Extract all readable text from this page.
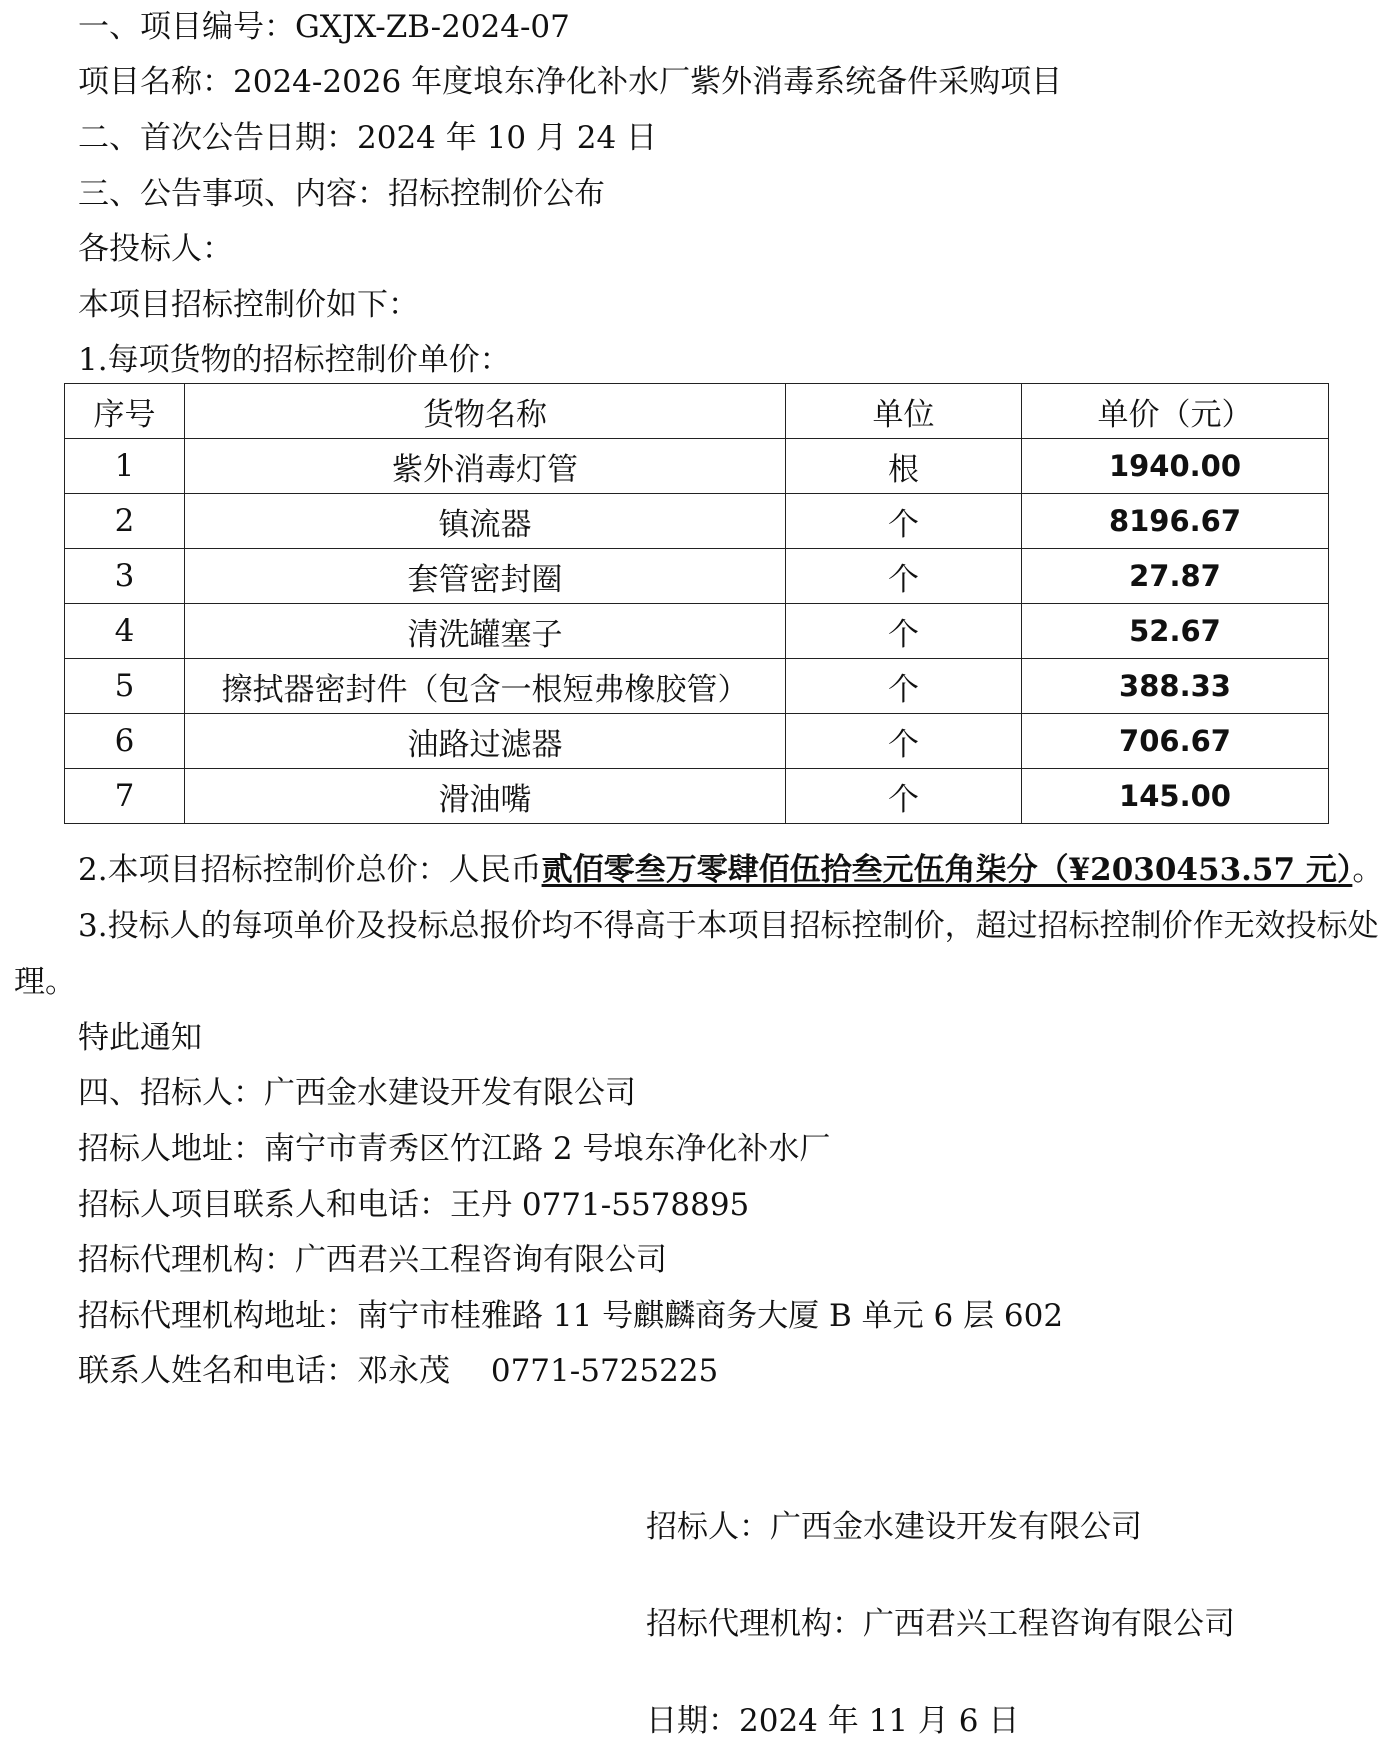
一、项目编号：GXJX-ZB-2024-07
项目名称：2024-2026 年度埌东净化补水厂紫外消毒系统备件采购项目
二、首次公告日期：2024 年 10 月 24 日
三、公告事项、内容：招标控制价公布
各投标人：
本项目招标控制价如下：
1.每项货物的招标控制价单价：
序号	货物名称	单位	单价（元）
1	紫外消毒灯管	根	1940.00
2	镇流器	个	8196.67
3	套管密封圈	个	27.87
4	清洗罐塞子	个	52.67
5	擦拭器密封件（包含一根短弗橡胶管）	个	388.33
6	油路过滤器	个	706.67
7	滑油嘴	个	145.00
2.本项目招标控制价总价：人民币贰佰零叁万零肆佰伍拾叁元伍角柒分（¥2030453.57 元）。
3.投标人的每项单价及投标总报价均不得高于本项目招标控制价，超过招标控制价作无效投标处理。
特此通知
四、招标人：广西金水建设开发有限公司
招标人地址：南宁市青秀区竹江路 2 号埌东净化补水厂
招标人项目联系人和电话：王丹 0771-5578895
招标代理机构：广西君兴工程咨询有限公司
招标代理机构地址：南宁市桂雅路 11 号麒麟商务大厦 B 单元 6 层 602
联系人姓名和电话：邓永茂　 0771-5725225
招标人：广西金水建设开发有限公司
招标代理机构：广西君兴工程咨询有限公司
日期：2024 年 11 月 6 日
